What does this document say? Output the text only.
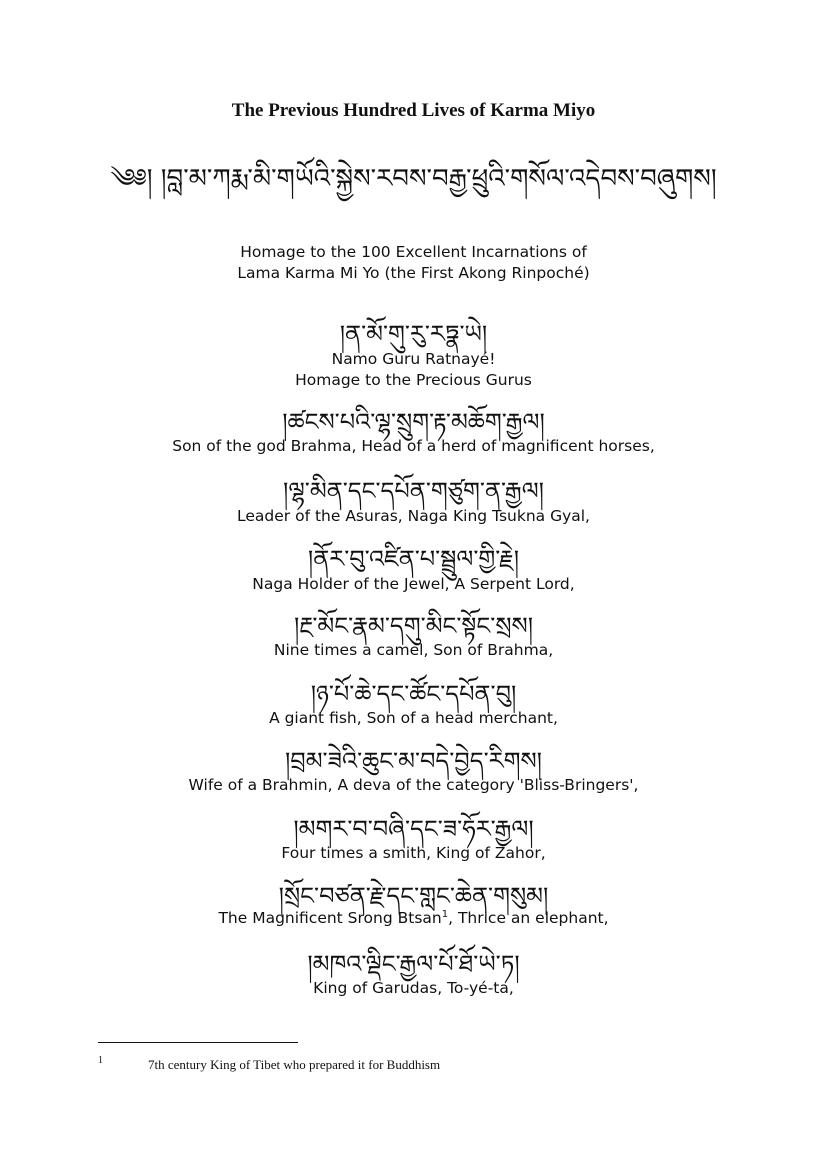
The Previous Hundred Lives of Karma Miyo
༄༅། །བླ་མ་ཀརྨ་མི་གཡོའི་སྐྱེས་རབས་བརྒྱ་ཕྲུའི་གསོལ་འདེབས་བཞུགས།
Homage to the 100 Excellent Incarnations of
Lama Karma Mi Yo (the First Akong Rinpoché)
།ན་མོ་གུ་རུ་རཏྣ་ཡེ།
Namo Guru Ratnayé!
Homage to the Precious Gurus
།ཚངས་པའི་ལྷ་སྲུག་རྟ་མཆོག་རྒྱལ།
Son of the god Brahma, Head of a herd of magnificent horses,
།ལྷ་མིན་དང་དཔོན་གཙུག་ན་རྒྱལ།
Leader of the Asuras, Naga King Tsukna Gyal,
།ནོར་བུ་འཛིན་པ་སྦྲུལ་གྱི་རྗེ།
Naga Holder of the Jewel, A Serpent Lord,
།རྔ་མོང་རྣམ་དགུ་མིང་སྟོང་སྲས།
Nine times a camel, Son of Brahma,
།ཉ་པོ་ཆེ་དང་ཚོང་དཔོན་བུ།
A giant fish, Son of a head merchant,
།བྲམ་ཟེའི་ཆུང་མ་བདེ་བྱེད་རིགས།
Wife of a Brahmin, A deva of the category 'Bliss-Bringers',
།མགར་བ་བཞི་དང་ཟ་ཧོར་རྒྱལ།
Four times a smith, King of Zahor,
།སྲོང་བཙན་རྗེ་དང་གླང་ཆེན་གསུམ།
The Magnificent Srong Btsan$^1$, Thrice an elephant,
།མཁའ་ལྡིང་རྒྱལ་པོ་ཐོ་ཡེ་ཏ།
King of Garudas, To-yé-ta,
1	7th century King of Tibet who prepared it for Buddhism
